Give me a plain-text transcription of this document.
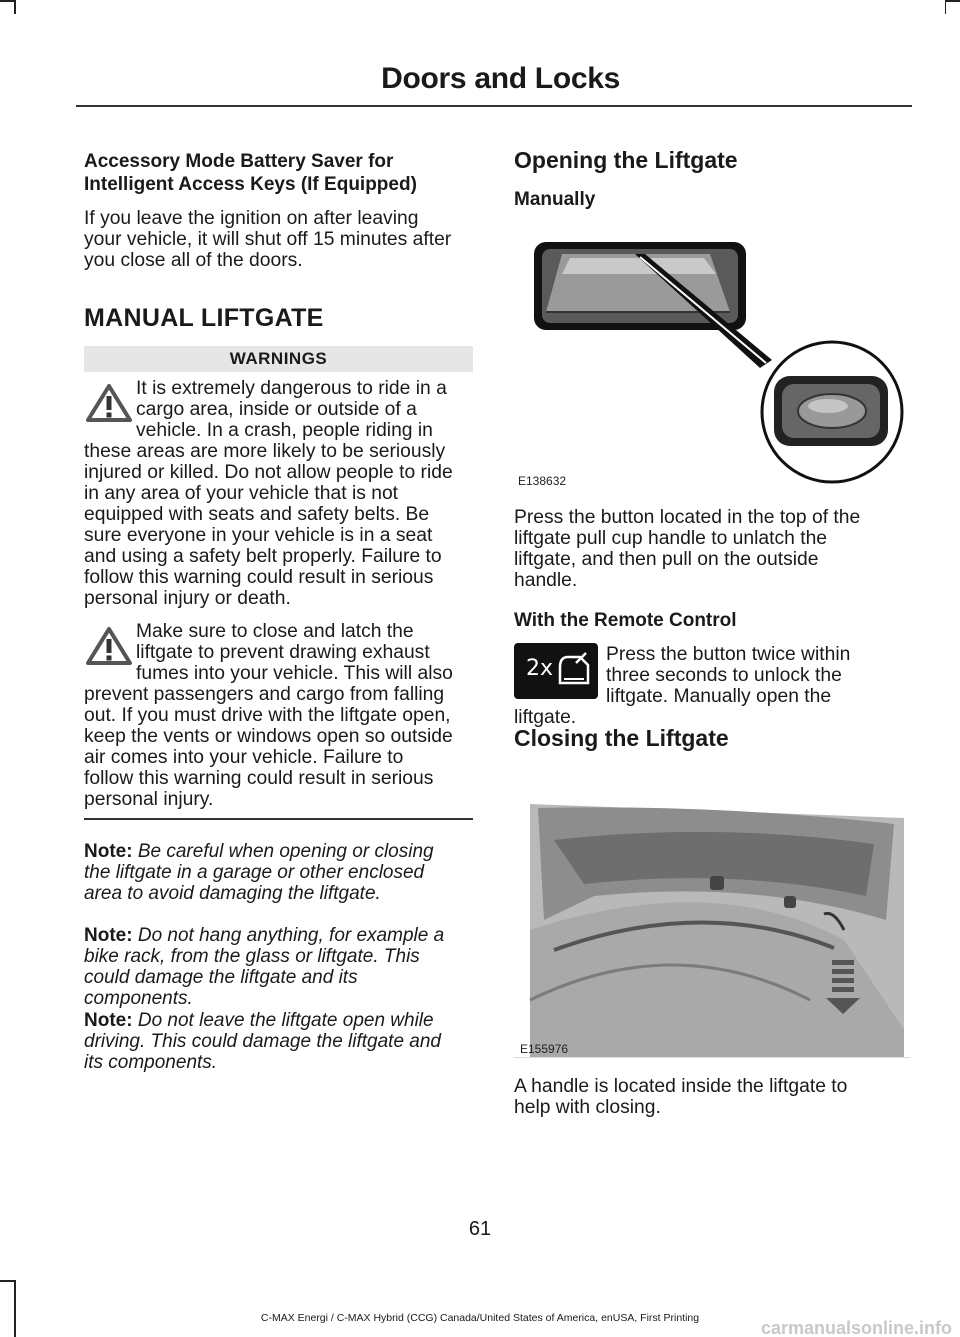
Doors and Locks
Accessory Mode Battery Saver for
Intelligent Access Keys (If Equipped)
If you leave the ignition on after leaving
your vehicle, it will shut off 15 minutes after
you close all of the doors.
MANUAL LIFTGATE
WARNINGS
It is extremely dangerous to ride in a
cargo area, inside or outside of a
vehicle. In a crash, people riding in
these areas are more likely to be seriously
injured or killed. Do not allow people to ride
in any area of your vehicle that is not
equipped with seats and safety belts. Be
sure everyone in your vehicle is in a seat
and using a safety belt properly. Failure to
follow this warning could result in serious
personal injury or death.
Make sure to close and latch the
liftgate to prevent drawing exhaust
fumes into your vehicle. This will also
prevent passengers and cargo from falling
out. If you must drive with the liftgate open,
keep the vents or windows open so outside
air comes into your vehicle. Failure to
follow this warning could result in serious
personal injury.
Note: Be careful when opening or closing
the liftgate in a garage or other enclosed
area to avoid damaging the liftgate.
Note: Do not hang anything, for example a
bike rack, from the glass or liftgate. This
could damage the liftgate and its
components.
Note: Do not leave the liftgate open while
driving. This could damage the liftgate and
its components.
Opening the Liftgate
Manually
E138632
Press the button located in the top of the
liftgate pull cup handle to unlatch the
liftgate, and then pull on the outside
handle.
With the Remote Control
2x
Press the button twice within
three seconds to unlock the
liftgate. Manually open the
liftgate.
Closing the Liftgate
E155976
A handle is located inside the liftgate to
help with closing.
61
C-MAX Energi / C-MAX Hybrid (CCG) Canada/United States of America, enUSA, First Printing	carmanualsonline.info
